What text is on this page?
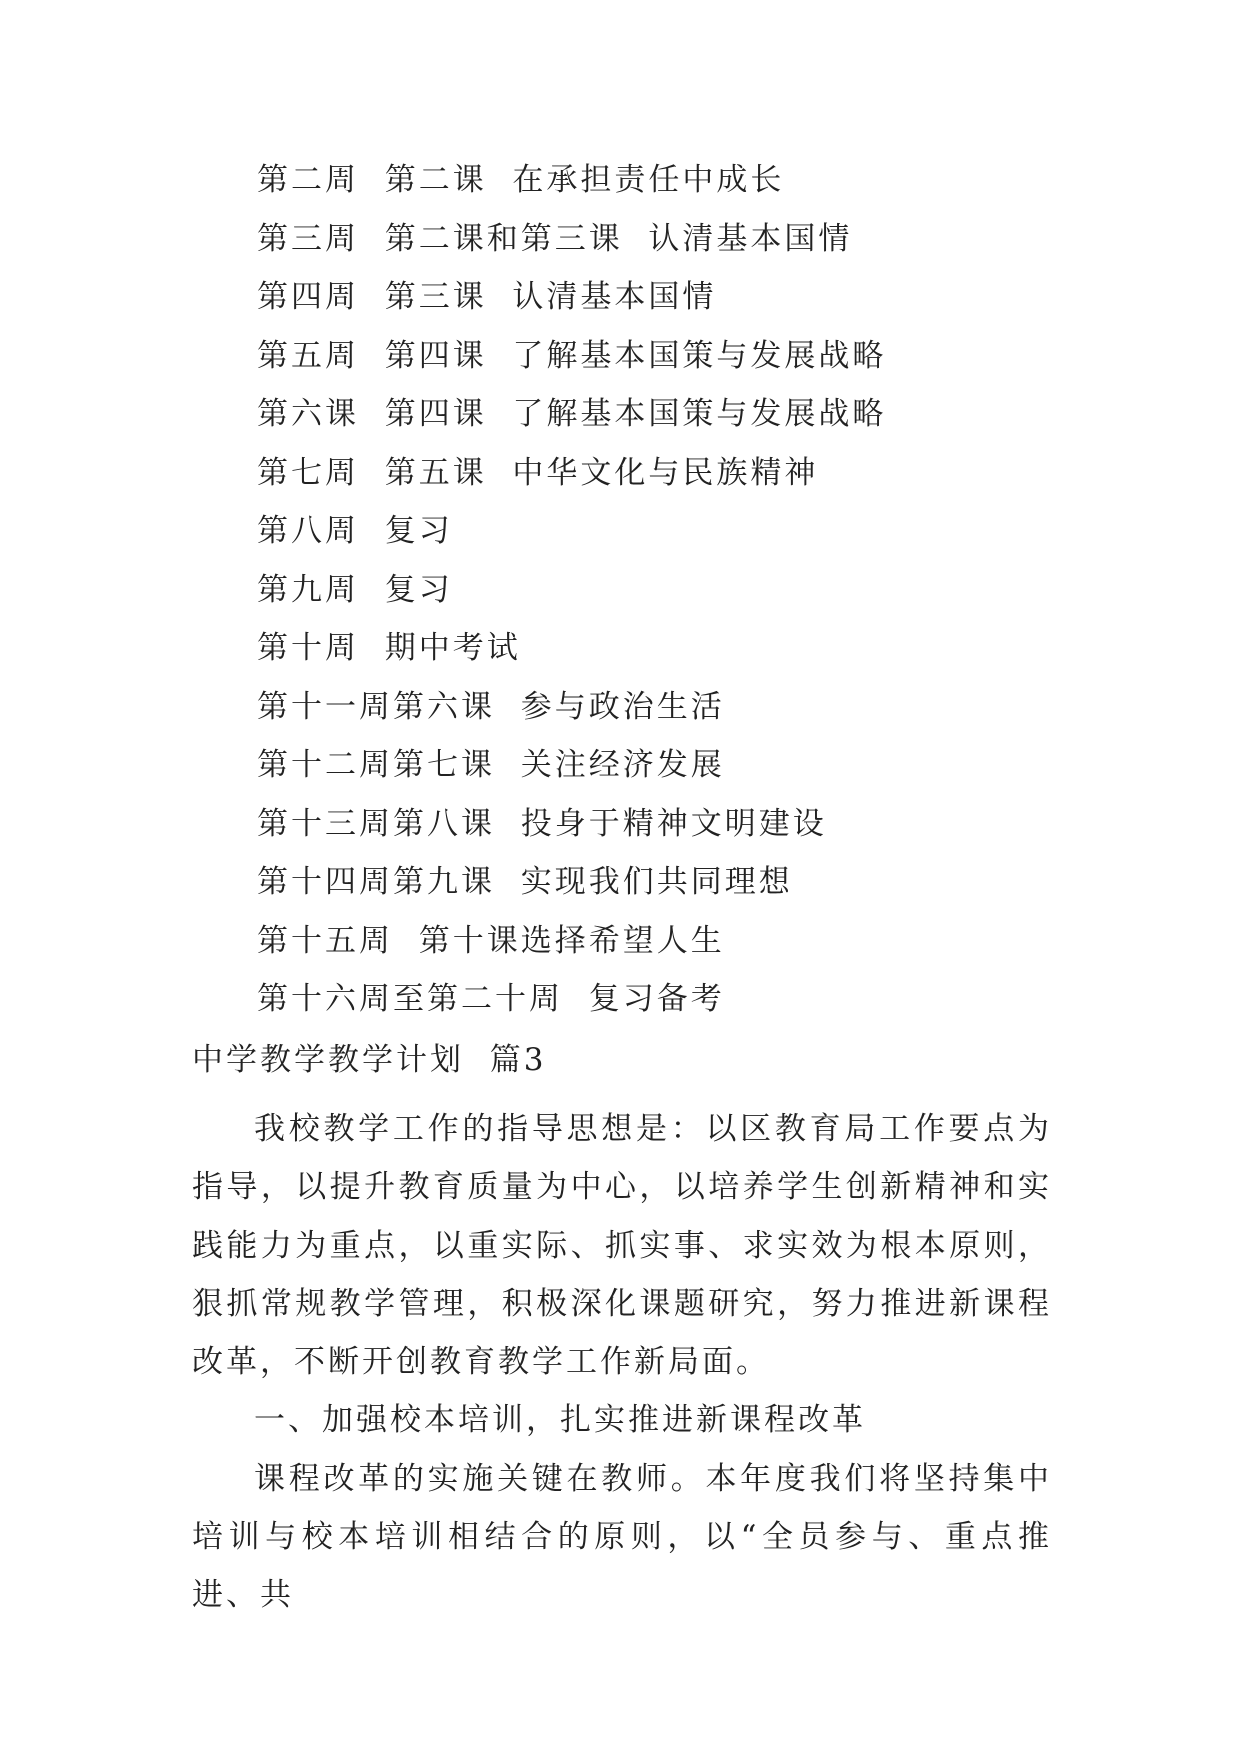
第二周  第二课  在承担责任中成长
第三周  第二课和第三课  认清基本国情
第四周  第三课  认清基本国情
第五周  第四课  了解基本国策与发展战略
第六课  第四课  了解基本国策与发展战略
第七周  第五课  中华文化与民族精神
第八周  复习
第九周  复习
第十周  期中考试
第十一周第六课  参与政治生活
第十二周第七课  关注经济发展
第十三周第八课  投身于精神文明建设
第十四周第九课  实现我们共同理想
第十五周  第十课选择希望人生
第十六周至第二十周  复习备考
中学教学教学计划  篇3

我校教学工作的指导思想是：以区教育局工作要点为指导，以提升教育质量为中心，以培养学生创新精神和实践能力为重点，以重实际、抓实事、求实效为根本原则，狠抓常规教学管理，积极深化课题研究，努力推进新课程改革，不断开创教育教学工作新局面。

一、加强校本培训，扎实推进新课程改革

课程改革的实施关键在教师。本年度我们将坚持集中培训与校本培训相结合的原则，以“全员参与、重点推进、共
